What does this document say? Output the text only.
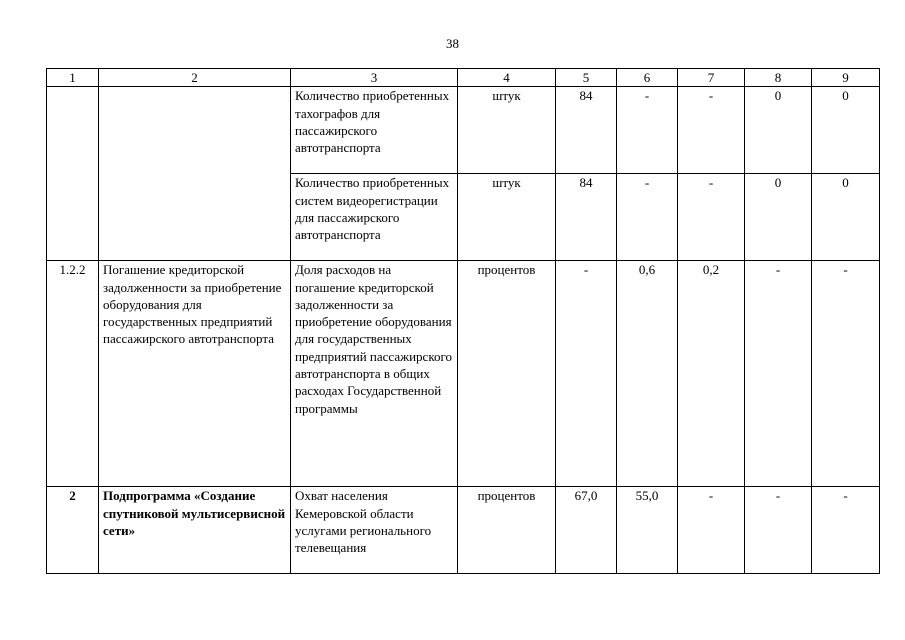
38
1	2	3	4	5	6	7	8	9
		Количество приобретенных тахографов для пассажирского автотранспорта	штук	84	-	-	0	0
		Количество приобретенных систем видеорегистрации для пассажирского автотранспорта	штук	84	-	-	0	0
1.2.2	Погашение кредиторской задолженности за приобретение оборудования для государственных предприятий пассажирского автотранспорта	Доля расходов на погашение кредиторской задолженности за приобретение оборудования для государственных предприятий пассажирского автотранспорта в общих расходах Государственной программы	процентов	-	0,6	0,2	-	-
2	Подпрограмма «Создание спутниковой мультисервисной сети»	Охват населения Кемеровской области услугами регионального телевещания	процентов	67,0	55,0	-	-	-
